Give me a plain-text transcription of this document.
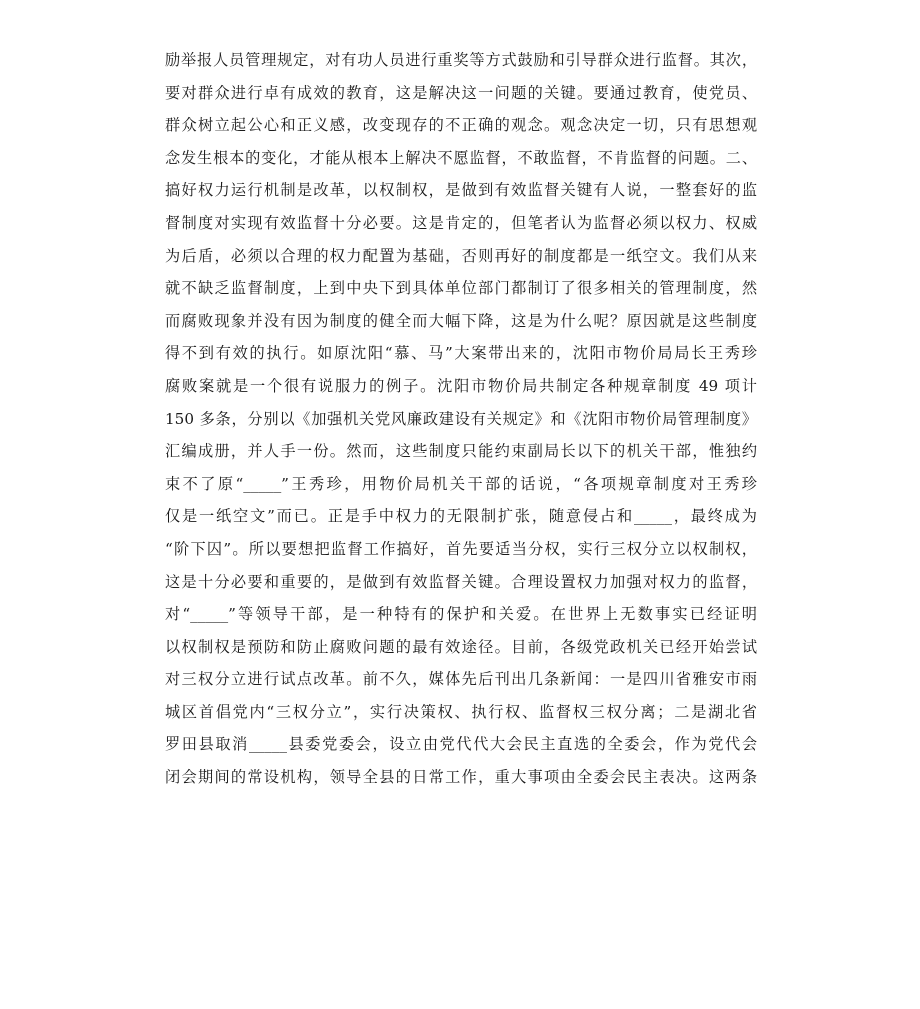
励举报人员管理规定，对有功人员进行重奖等方式鼓励和引导群众进行监督。其次，
要对群众进行卓有成效的教育，这是解决这一问题的关键。要通过教育，使党员、
群众树立起公心和正义感，改变现存的不正确的观念。观念决定一切，只有思想观
念发生根本的变化，才能从根本上解决不愿监督，不敢监督，不肯监督的问题。二、
搞好权力运行机制是改革，以权制权，是做到有效监督关键有人说，一整套好的监
督制度对实现有效监督十分必要。这是肯定的，但笔者认为监督必须以权力、权威
为后盾，必须以合理的权力配置为基础，否则再好的制度都是一纸空文。我们从来
就不缺乏监督制度，上到中央下到具体单位部门都制订了很多相关的管理制度，然
而腐败现象并没有因为制度的健全而大幅下降，这是为什么呢？原因就是这些制度
得不到有效的执行。如原沈阳“慕、马”大案带出来的，沈阳市物价局局长王秀珍
腐败案就是一个很有说服力的例子。沈阳市物价局共制定各种规章制度 49 项计
150 多条，分别以《加强机关党风廉政建设有关规定》和《沈阳市物价局管理制度》
汇编成册，并人手一份。然而，这些制度只能约束副局长以下的机关干部，惟独约
束不了原“_____”王秀珍，用物价局机关干部的话说，“各项规章制度对王秀珍
仅是一纸空文”而已。正是手中权力的无限制扩张，随意侵占和_____，最终成为
“阶下囚”。所以要想把监督工作搞好，首先要适当分权，实行三权分立以权制权，
这是十分必要和重要的，是做到有效监督关键。合理设置权力加强对权力的监督，
对“_____”等领导干部，是一种特有的保护和关爱。在世界上无数事实已经证明
以权制权是预防和防止腐败问题的最有效途径。目前，各级党政机关已经开始尝试
对三权分立进行试点改革。前不久，媒体先后刊出几条新闻：一是四川省雅安市雨
城区首倡党内“三权分立”，实行决策权、执行权、监督权三权分离；二是湖北省
罗田县取消_____县委党委会，设立由党代代大会民主直选的全委会，作为党代会
闭会期间的常设机构，领导全县的日常工作，重大事项由全委会民主表决。这两条
